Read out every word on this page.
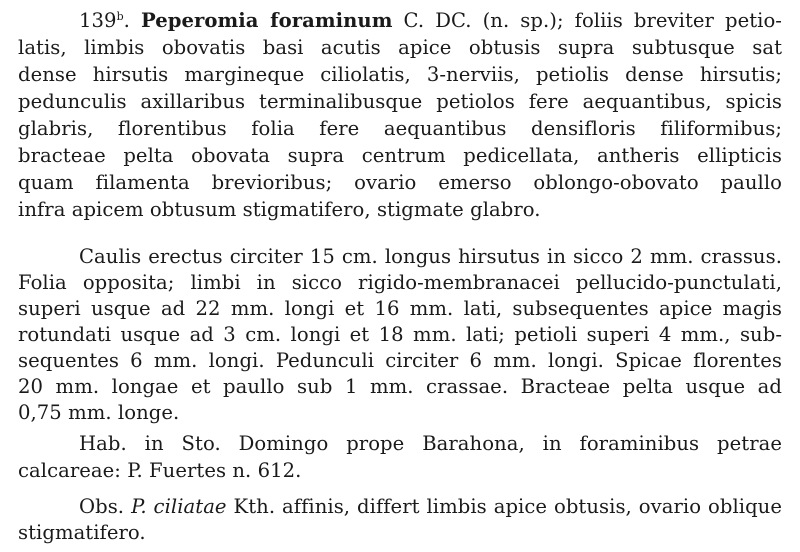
139$^b$. Peperomia foraminum C. DC. (n. sp.); foliis breviter petio-
latis, limbis obovatis basi acutis apice obtusis supra subtusque sat
dense hirsutis margineque ciliolatis, 3-nerviis, petiolis dense hirsutis;
pedunculis axillaribus terminalibusque petiolos fere aequantibus, spicis
glabris, florentibus folia fere aequantibus densifloris filiformibus;
bracteae pelta obovata supra centrum pedicellata, antheris ellipticis
quam filamenta brevioribus; ovario emerso oblongo-obovato paullo
infra apicem obtusum stigmatifero, stigmate glabro.
Caulis erectus circiter 15 cm. longus hirsutus in sicco 2 mm. crassus.
Folia opposita; limbi in sicco rigido-membranacei pellucido-punctulati,
superi usque ad 22 mm. longi et 16 mm. lati, subsequentes apice magis
rotundati usque ad 3 cm. longi et 18 mm. lati; petioli superi 4 mm., sub-
sequentes 6 mm. longi. Pedunculi circiter 6 mm. longi. Spicae florentes
20 mm. longae et paullo sub 1 mm. crassae. Bracteae pelta usque ad
0,75 mm. longe.
Hab. in Sto. Domingo prope Barahona, in foraminibus petrae
calcareae: P. Fuertes n. 612.
Obs. P. ciliatae Kth. affinis, differt limbis apice obtusis, ovario oblique
stigmatifero.
